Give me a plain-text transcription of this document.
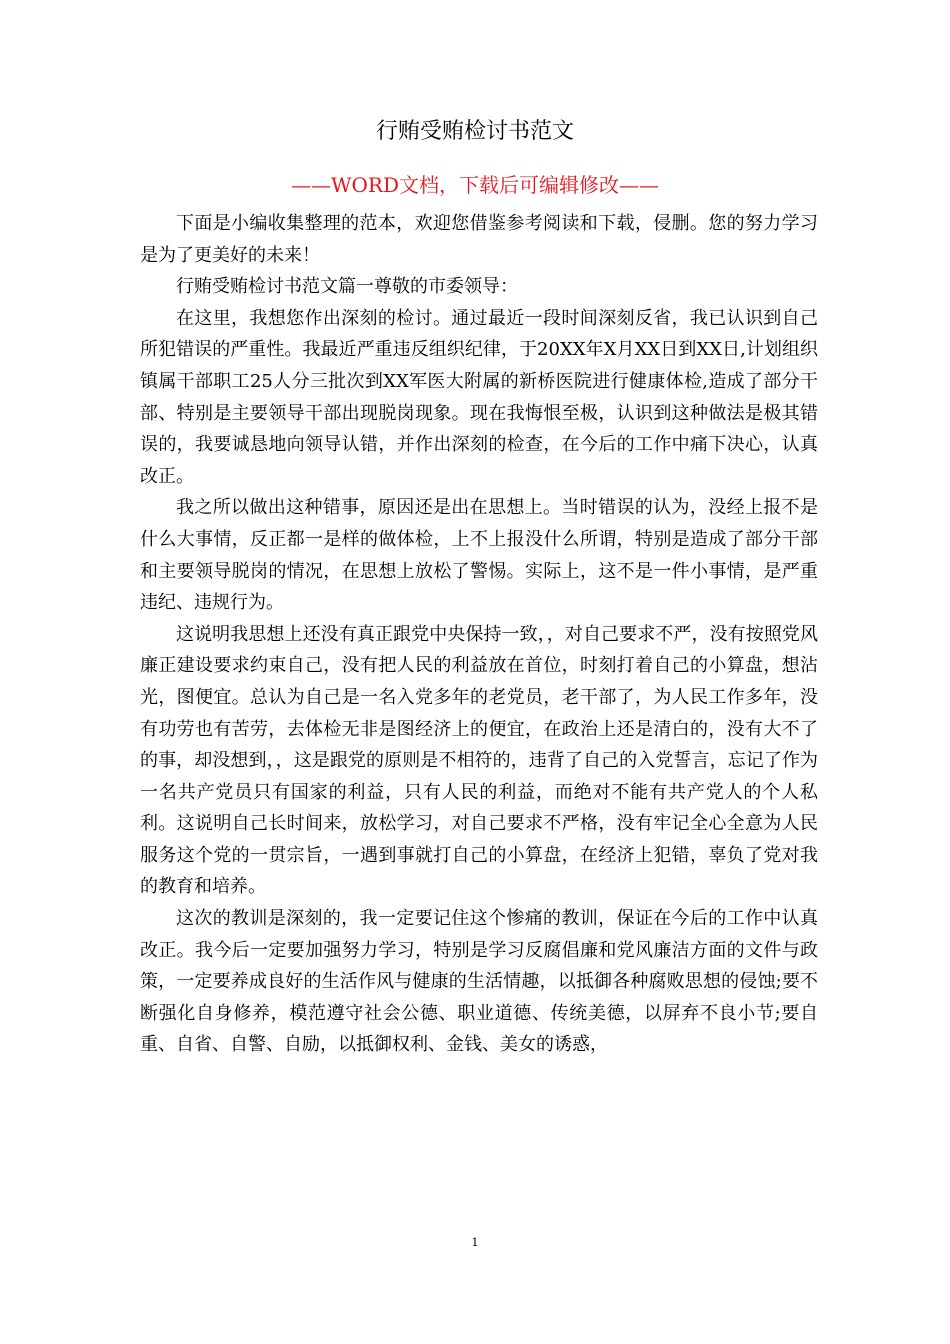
行贿受贿检讨书范文
——WORD文档，下载后可编辑修改——

下面是小编收集整理的范本，欢迎您借鉴参考阅读和下载，侵删。您的努力学习是为了更美好的未来！

行贿受贿检讨书范文篇一尊敬的市委领导：

在这里，我想您作出深刻的检讨。通过最近一段时间深刻反省，我已认识到自己所犯错误的严重性。我最近严重违反组织纪律，于20XX年X月XX日到XX日,计划组织镇属干部职工25人分三批次到XX军医大附属的新桥医院进行健康体检,造成了部分干部、特别是主要领导干部出现脱岗现象。现在我悔恨至极，认识到这种做法是极其错误的，我要诚恳地向领导认错，并作出深刻的检查，在今后的工作中痛下决心，认真改正。

我之所以做出这种错事，原因还是出在思想上。当时错误的认为，没经上报不是什么大事情，反正都一是样的做体检，上不上报没什么所谓，特别是造成了部分干部和主要领导脱岗的情况，在思想上放松了警惕。实际上，这不是一件小事情，是严重违纪、违规行为。

这说明我思想上还没有真正跟党中央保持一致，，对自己要求不严，没有按照党风廉正建设要求约束自己，没有把人民的利益放在首位，时刻打着自己的小算盘，想沾光，图便宜。总认为自己是一名入党多年的老党员，老干部了，为人民工作多年，没有功劳也有苦劳，去体检无非是图经济上的便宜，在政治上还是清白的，没有大不了的事，却没想到，，这是跟党的原则是不相符的，违背了自己的入党誓言，忘记了作为一名共产党员只有国家的利益，只有人民的利益，而绝对不能有共产党人的个人私利。这说明自己长时间来，放松学习，对自己要求不严格，没有牢记全心全意为人民服务这个党的一贯宗旨，一遇到事就打自己的小算盘，在经济上犯错，辜负了党对我的教育和培养。

这次的教训是深刻的，我一定要记住这个惨痛的教训，保证在今后的工作中认真改正。我今后一定要加强努力学习，特别是学习反腐倡廉和党风廉洁方面的文件与政策，一定要养成良好的生活作风与健康的生活情趣，以抵御各种腐败思想的侵蚀;要不断强化自身修养，模范遵守社会公德、职业道德、传统美德，以屏弃不良小节;要自重、自省、自警、自励，以抵御权利、金钱、美女的诱惑，

1
